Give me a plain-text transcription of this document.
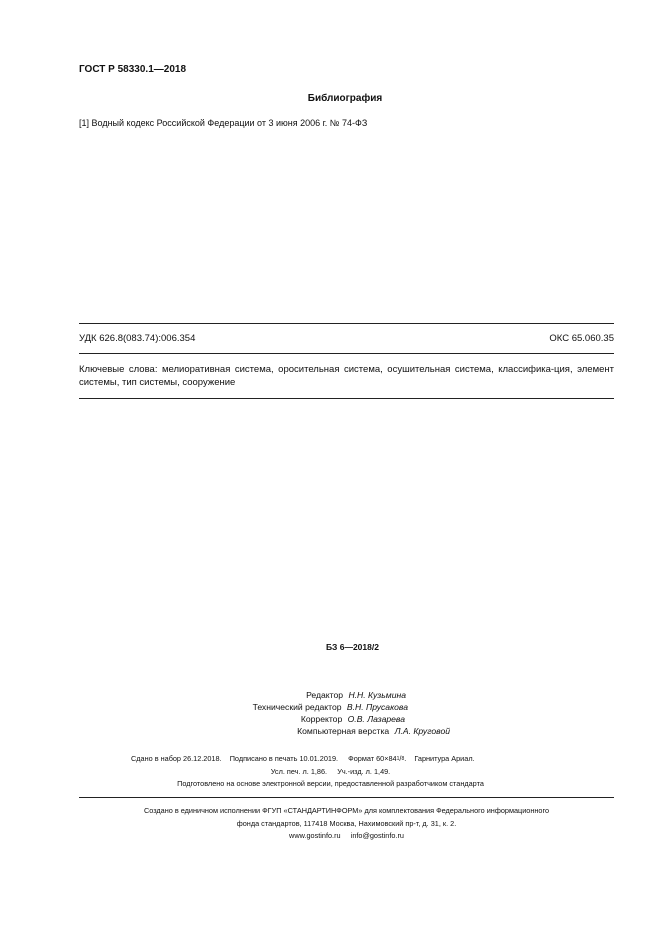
ГОСТ Р 58330.1—2018
Библиография
[1] Водный кодекс Российской Федерации от 3 июня 2006 г. № 74-ФЗ
УДК 626.8(083.74):006.354	ОКС 65.060.35
Ключевые слова: мелиоративная система, оросительная система, осушительная система, классифика-ция, элемент системы, тип системы, сооружение
БЗ 6—2018/2
Редактор Н.Н. Кузьмина
Технический редактор В.Н. Прусакова
Корректор О.В. Лазарева
Компьютерная верстка Л.А. Круговой
Сдано в набор 26.12.2018. Подписано в печать 10.01.2019. Формат $60\times 84^1/8$. Гарнитура Ариал.
Усл. печ. л. 1,86. Уч.-изд. л. 1,49.
Подготовлено на основе электронной версии, предоставленной разработчиком стандарта
Создано в единичном исполнении ФГУП «СТАНДАРТИНФОРМ» для комплектования Федерального информационного
фонда стандартов, 117418 Москва, Нахимовский пр-т, д. 31, к. 2.
www.gostinfo.ru info@gostinfo.ru
